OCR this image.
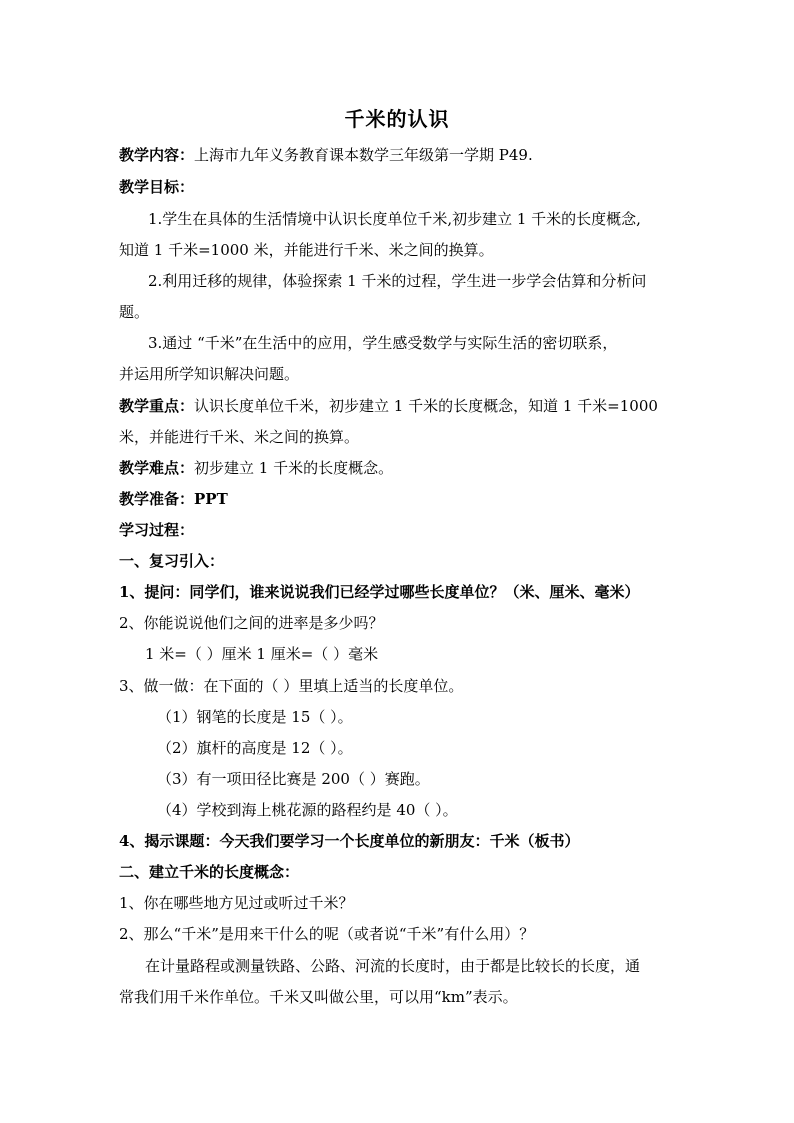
千米的认识
教学内容：上海市九年义务教育课本数学三年级第一学期 P49.
教学目标：
1.学生在具体的生活情境中认识长度单位千米,初步建立 1 千米的长度概念,
知道 1 千米=1000 米，并能进行千米、米之间的换算。
2.利用迁移的规律，体验探索 1 千米的过程，学生进一步学会估算和分析问
题。
3.通过 “千米”在生活中的应用，学生感受数学与实际生活的密切联系，
并运用所学知识解决问题。
教学重点：认识长度单位千米，初步建立 1 千米的长度概念，知道 1 千米=1000
米，并能进行千米、米之间的换算。
教学难点：初步建立 1 千米的长度概念。
教学准备：PPT
学习过程：
一、复习引入：
1、提问：同学们，谁来说说我们已经学过哪些长度单位？（米、厘米、毫米）
2、你能说说他们之间的进率是多少吗？
1 米=（ ）厘米 1 厘米=（ ）毫米
3、做一做：在下面的（ ）里填上适当的长度单位。
（1）钢笔的长度是 15（ ）。
（2）旗杆的高度是 12（ ）。
（3）有一项田径比赛是 200（ ）赛跑。
（4）学校到海上桃花源的路程约是 40（ ）。
4、揭示课题：今天我们要学习一个长度单位的新朋友：千米（板书）
二、建立千米的长度概念：
1、你在哪些地方见过或听过千米？
2、那么“千米”是用来干什么的呢（或者说“千米”有什么用）？
在计量路程或测量铁路、公路、河流的长度时，由于都是比较长的长度，通
常我们用千米作单位。千米又叫做公里，可以用“km”表示。
